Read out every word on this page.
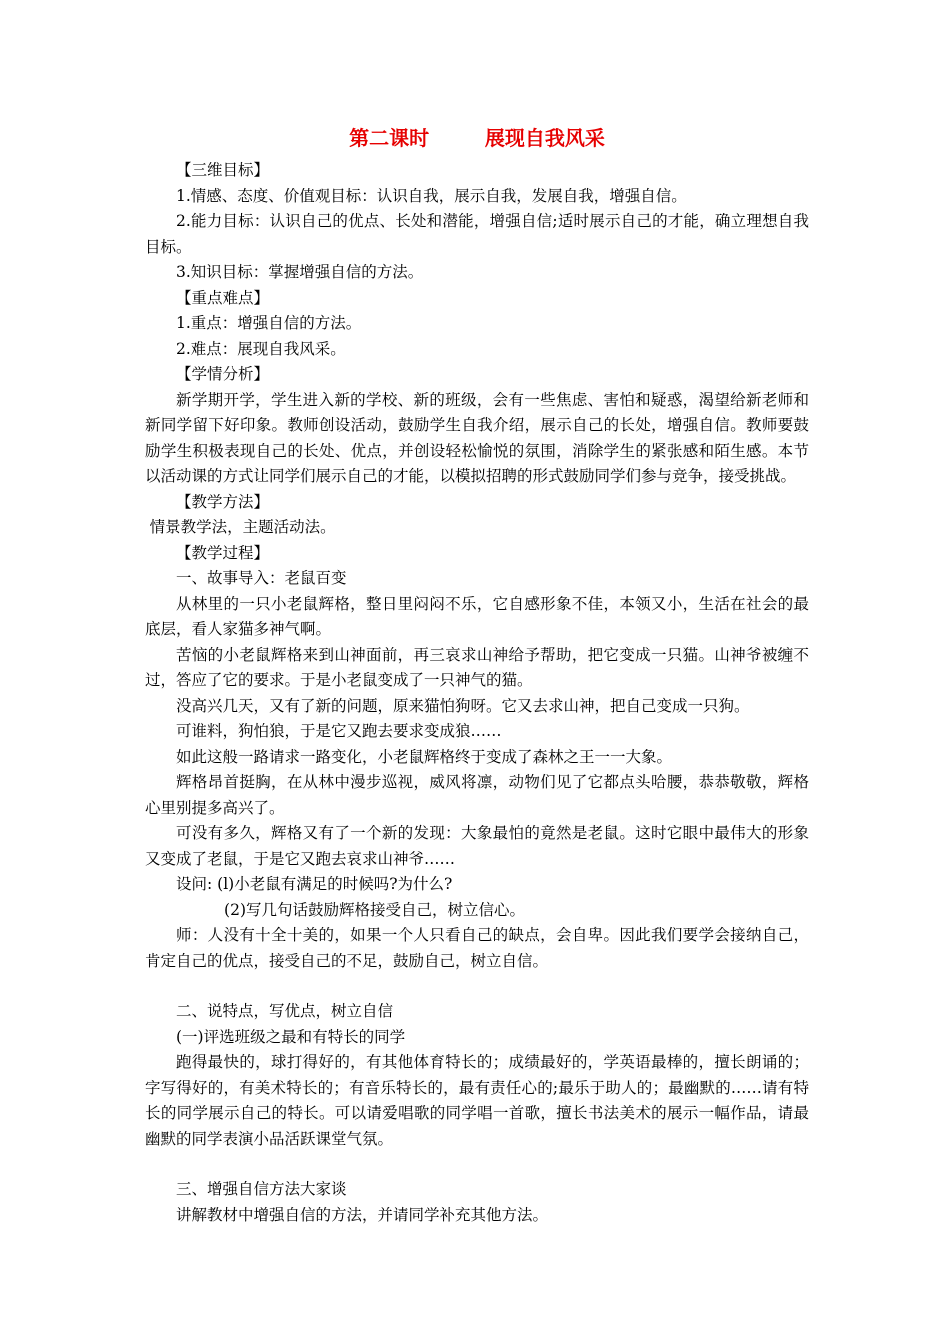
第二课时        展现自我风采

【三维目标】

1.情感、态度、价值观目标：认识自我，展示自我，发展自我，增强自信。

2.能力目标：认识自己的优点、长处和潜能，增强自信;适时展示自己的才能，确立理想自我目标。

3.知识目标：掌握增强自信的方法。

【重点难点】

1.重点：增强自信的方法。

2.难点：展现自我风采。

【学情分析】

新学期开学，学生进入新的学校、新的班级，会有一些焦虑、害怕和疑惑，渴望给新老师和新同学留下好印象。教师创设活动，鼓励学生自我介绍，展示自己的长处，增强自信。教师要鼓励学生积极表现自己的长处、优点，并创设轻松愉悦的氛围，消除学生的紧张感和陌生感。本节以活动课的方式让同学们展示自己的才能，以模拟招聘的形式鼓励同学们参与竞争，接受挑战。

【教学方法】

情景教学法，主题活动法。

【教学过程】

一、故事导入：老鼠百变

从林里的一只小老鼠辉格，整日里闷闷不乐，它自感形象不佳，本领又小，生活在社会的最底层，看人家猫多神气啊。

苦恼的小老鼠辉格来到山神面前，再三哀求山神给予帮助，把它变成一只猫。山神爷被缠不过，答应了它的要求。于是小老鼠变成了一只神气的猫。

没高兴几天，又有了新的问题，原来猫怕狗呀。它又去求山神，把自己变成一只狗。

可谁料，狗怕狼，于是它又跑去要求变成狼……

如此这般一路请求一路变化，小老鼠辉格终于变成了森林之王一一大象。

辉格昂首挺胸，在从林中漫步巡视，威风将凛，动物们见了它都点头哈腰，恭恭敬敬，辉格心里别提多高兴了。

可没有多久，辉格又有了一个新的发现：大象最怕的竟然是老鼠。这时它眼中最伟大的形象又变成了老鼠，于是它又跑去哀求山神爷……

设问: (l)小老鼠有满足的时候吗?为什么?

(2)写几句话鼓励辉格接受自己，树立信心。

师：人没有十全十美的，如果一个人只看自己的缺点，会自卑。因此我们要学会接纳自己，肯定自己的优点，接受自己的不足，鼓励自己，树立自信。

二、说特点，写优点，树立自信

(一)评选班级之最和有特长的同学

跑得最快的，球打得好的，有其他体育特长的；成绩最好的，学英语最棒的，擅长朗诵的；字写得好的，有美术特长的；有音乐特长的，最有责任心的;最乐于助人的；最幽默的……请有特长的同学展示自己的特长。可以请爱唱歌的同学唱一首歌，擅长书法美术的展示一幅作品，请最幽默的同学表演小品活跃课堂气氛。

三、增强自信方法大家谈

讲解教材中增强自信的方法，并请同学补充其他方法。
